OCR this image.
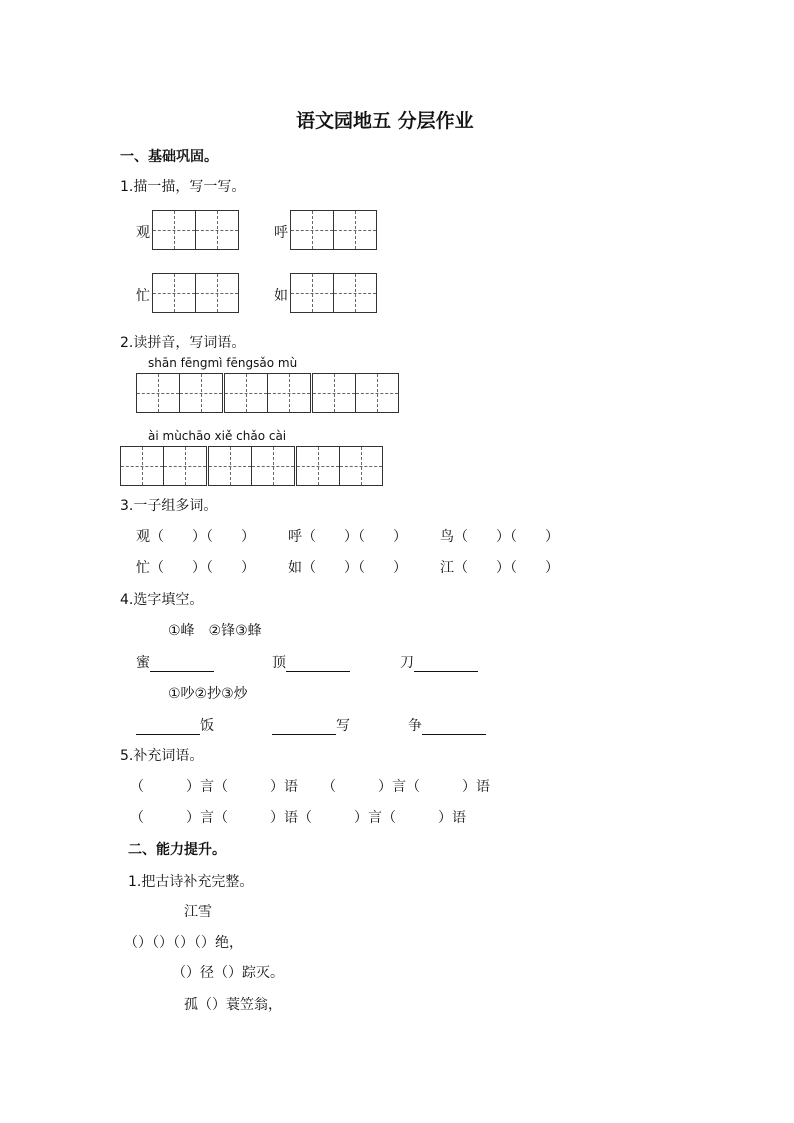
语文园地五 分层作业
一、基础巩固。
1.描一描，写一写。
观	呼
忙	如
2.读拼音，写词语。
shān fēngmì fēngsǎo mù
ài mùchāo xiě chǎo cài
3.一子组多词。
观（　　）（　　） 呼（　　）（　　） 鸟（　　）（　　）
忙（　　）（　　） 如（　　）（　　） 江（　　）（　　）
4.选字填空。
①峰　②锋③蜂
蜜	顶	刀
①吵②抄③炒
饭	写	争
5.补充词语。
（　　　）言（　　　）语 （　　　）言（　　　）语
（　　　）言（　　　）语（　　　）言（　　　）语
二、能力提升。
1.把古诗补充完整。
江雪
（）（）（）（）绝，
（）径（）踪灭。
孤（）蓑笠翁，
